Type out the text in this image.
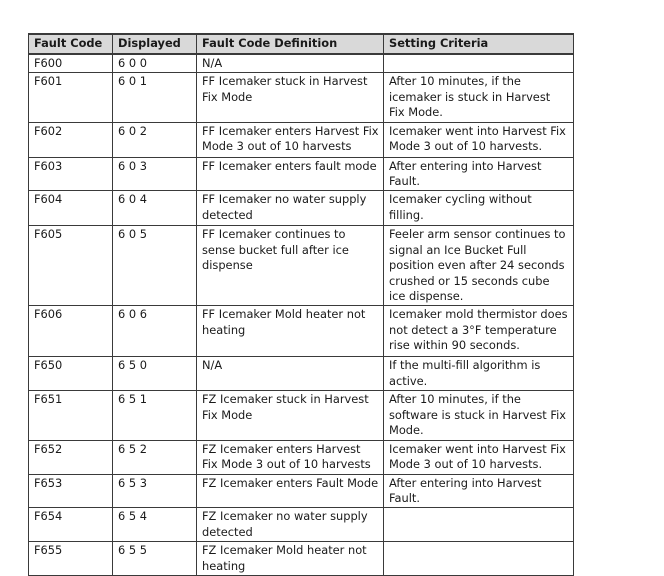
Fault Code	Displayed	Fault Code Definition	Setting Criteria
F600	6 0 0	N/A	
F601	6 0 1	FF Icemaker stuck in Harvest Fix Mode	After 10 minutes, if the icemaker is stuck in Harvest Fix Mode.
F602	6 0 2	FF Icemaker enters Harvest Fix Mode 3 out of 10 harvests	Icemaker went into Harvest Fix Mode 3 out of 10 harvests.
F603	6 0 3	FF Icemaker enters fault mode	After entering into Harvest Fault.
F604	6 0 4	FF Icemaker no water supply detected	Icemaker cycling without filling.
F605	6 0 5	FF Icemaker continues to sense bucket full after ice dispense	Feeler arm sensor continues to signal an Ice Bucket Full position even after 24 seconds crushed or 15 seconds cube ice dispense.
F606	6 0 6	FF Icemaker Mold heater not heating	Icemaker mold thermistor does not detect a 3°F temperature rise within 90 seconds.
F650	6 5 0	N/A	If the multi-fill algorithm is active.
F651	6 5 1	FZ Icemaker stuck in Harvest Fix Mode	After 10 minutes, if the software is stuck in Harvest Fix Mode.
F652	6 5 2	FZ Icemaker enters Harvest Fix Mode 3 out of 10 harvests	Icemaker went into Harvest Fix Mode 3 out of 10 harvests.
F653	6 5 3	FZ Icemaker enters Fault Mode	After entering into Harvest Fault.
F654	6 5 4	FZ Icemaker no water supply detected	
F655	6 5 5	FZ Icemaker Mold heater not heating	
